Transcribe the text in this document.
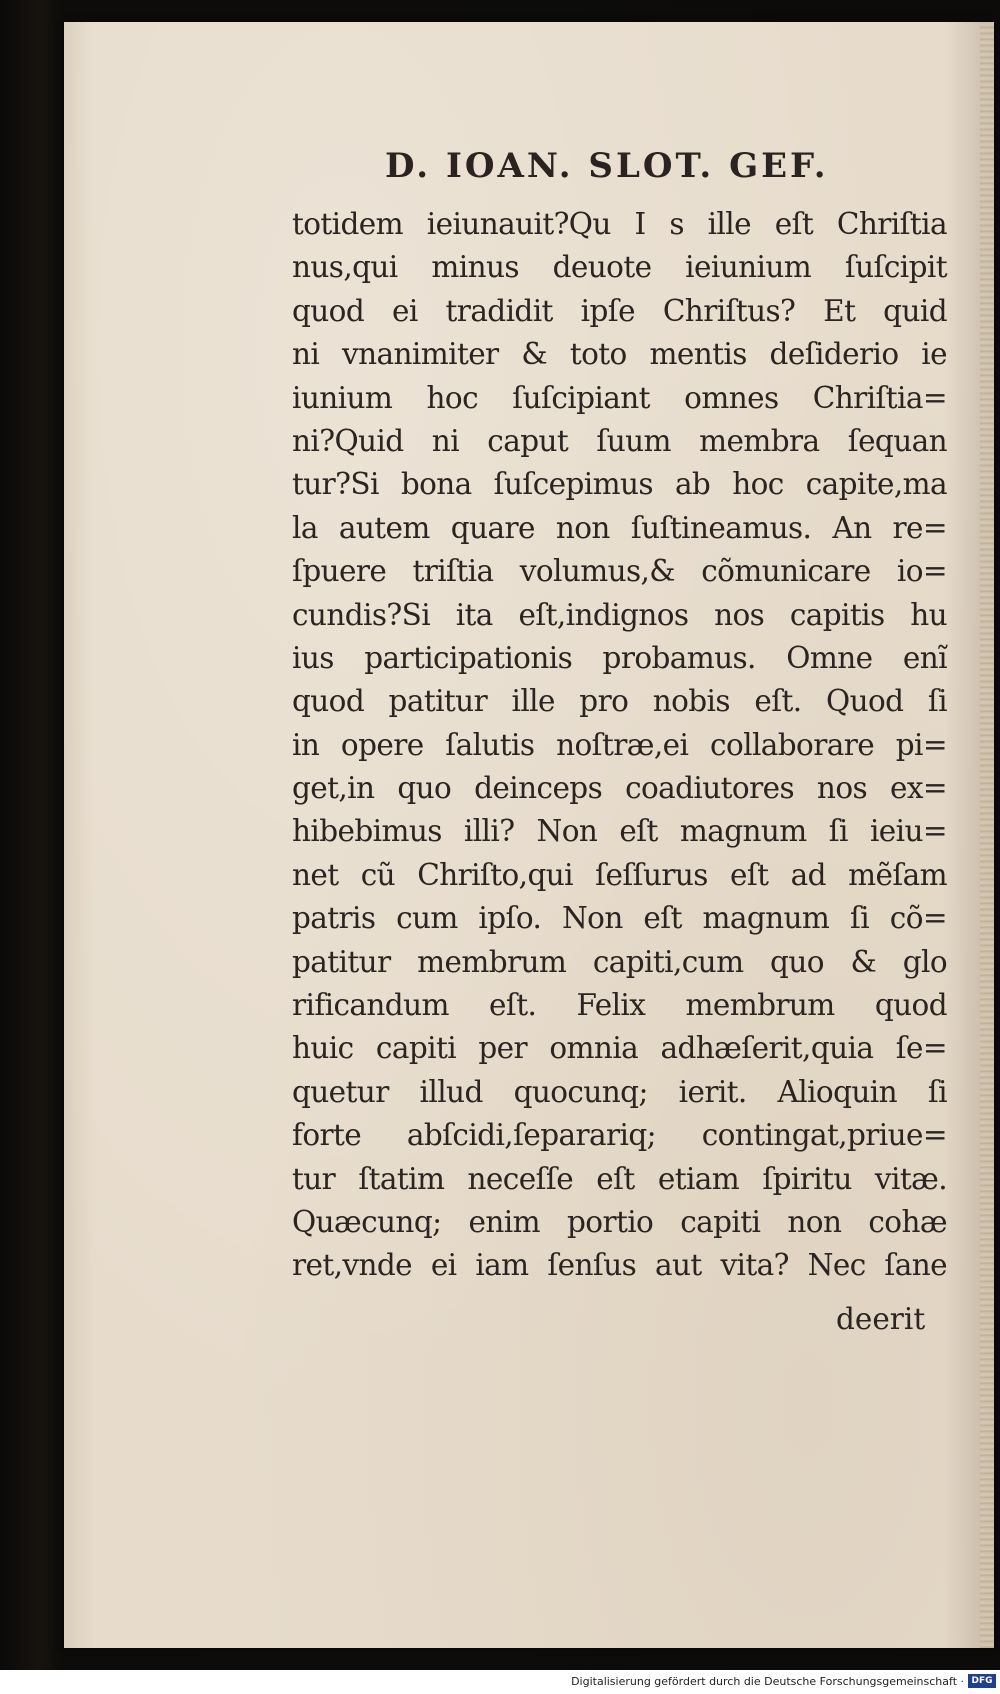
D. IOAN. SLOT. GEF.
totidem ieiunauit?Qu I s ille eſt Chriſtia
nus,qui minus deuote ieiunium ſuſcipit
quod ei tradidit ipſe Chriſtus? Et quid
ni vnanimiter & toto mentis deſiderio ie
iunium hoc ſuſcipiant omnes Chriſtia=
ni?Quid ni caput ſuum membra ſequan
tur?Si bona ſuſcepimus ab hoc capite,ma
la autem quare non ſuſtineamus. An re=
ſpuere triſtia volumus,& cõmunicare io=
cundis?Si ita eſt,indignos nos capitis hu
ius participationis probamus. Omne enĩ
quod patitur ille pro nobis eſt. Quod ſi
in opere ſalutis noſtræ,ei collaborare pi=
get,in quo deinceps coadiutores nos ex=
hibebimus illi? Non eſt magnum ſi ieiu=
net cũ Chriſto,qui ſeſſurus eſt ad mẽſam
patris cum ipſo. Non eſt magnum ſi cõ=
patitur membrum capiti,cum quo & glo
rificandum eſt. Felix membrum quod
huic capiti per omnia adhæſerit,quia ſe=
quetur illud quocunq; ierit. Alioquin ſi
forte abſcidi,ſeparariq; contingat,priue=
tur ſtatim neceſſe eſt etiam ſpiritu vitæ.
Quæcunq; enim portio capiti non cohæ
ret,vnde ei iam ſenſus aut vita? Nec ſane
deerit
Digitalisierung gefördert durch die Deutsche Forschungsgemeinschaft · DFG
